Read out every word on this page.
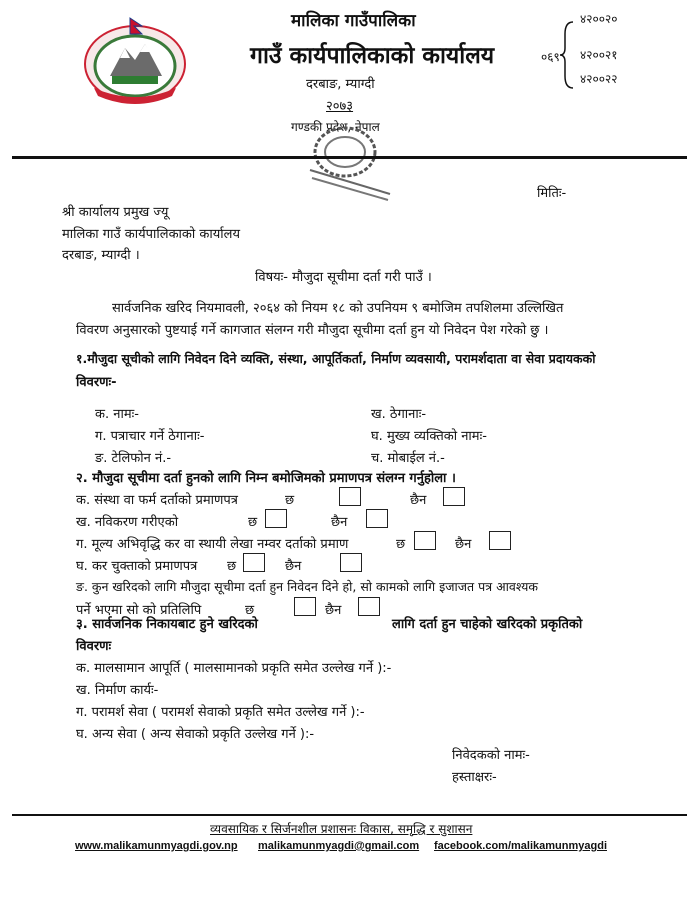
मालिका गाउँपालिका
गाउँ कार्यपालिकाको कार्यालय
दरबाङ, म्याग्दी
२०७३
गण्डकी प्रदेश, नेपाल
०६९
४२००२०
४२००२१
४२००२२
मितिः-
श्री कार्यालय प्रमुख ज्यू
मालिका गाउँ कार्यपालिकाको कार्यालय
दरबाङ, म्याग्दी ।
विषयः- मौजुदा सूचीमा दर्ता गरी पाउँ ।
सार्वजनिक खरिद नियमावली, २०६४ को नियम १८ को उपनियम ९ बमोजिम तपशिलमा उल्लिखित
विवरण अनुसारको पुष्टयाई गर्ने कागजात संलग्न गरी मौजुदा सूचीमा दर्ता हुन यो निवेदन पेश गरेको छु ।
१.मौजुदा सूचीको लागि निवेदन दिने व्यक्ति, संस्था, आपूर्तिकर्ता, निर्माण व्यवसायी, परामर्शदाता वा सेवा प्रदायकको
विवरणः-
क. नामः-	ख. ठेगानाः-
ग. पत्राचार गर्ने ठेगानाः-	घ. मुख्य व्यक्तिको नामः-
ङ. टेलिफोन नं.-	च. मोबाईल नं.-
२. मौजुदा सूचीमा दर्ता हुनको लागि निम्न बमोजिमको प्रमाणपत्र संलग्न गर्नुहोला ।
क. संस्था वा फर्म दर्ताको प्रमाणपत्र	छ	छैन
ख. नविकरण गरीएको	छ	छैन
ग. मूल्य अभिवृद्धि कर वा स्थायी लेखा नम्वर दर्ताको प्रमाण	छ	छैन
घ. कर चुक्ताको प्रमाणपत्र छ	छैन
ङ. कुन खरिदको लागि मौजुदा सूचीमा दर्ता हुन निवेदन दिने हो, सो कामको लागि इजाजत पत्र आवश्यक
पर्ने भएमा सो को प्रतिलिपि	छ	छैन
३. सार्वजनिक निकायबाट हुने खरिदको	लागि दर्ता हुन चाहेको खरिदको प्रकृतिको
विवरणः
क. मालसामान आपूर्ति ( मालसामानको प्रकृति समेत उल्लेख गर्ने ):-
ख. निर्माण कार्यः-
ग. परामर्श सेवा ( परामर्श सेवाको प्रकृति समेत उल्लेख गर्ने ):-
घ. अन्य सेवा ( अन्य सेवाको प्रकृति उल्लेख गर्ने ):-
निवेदकको नामः-
हस्ताक्षरः-
व्यवसायिक र सिर्जनशील प्रशासनः विकास, समृद्धि र सुशासन
www.malikamunmyagdi.gov.np malikamunmyagdi@gmail.com facebook.com/malikamunmyagdi
